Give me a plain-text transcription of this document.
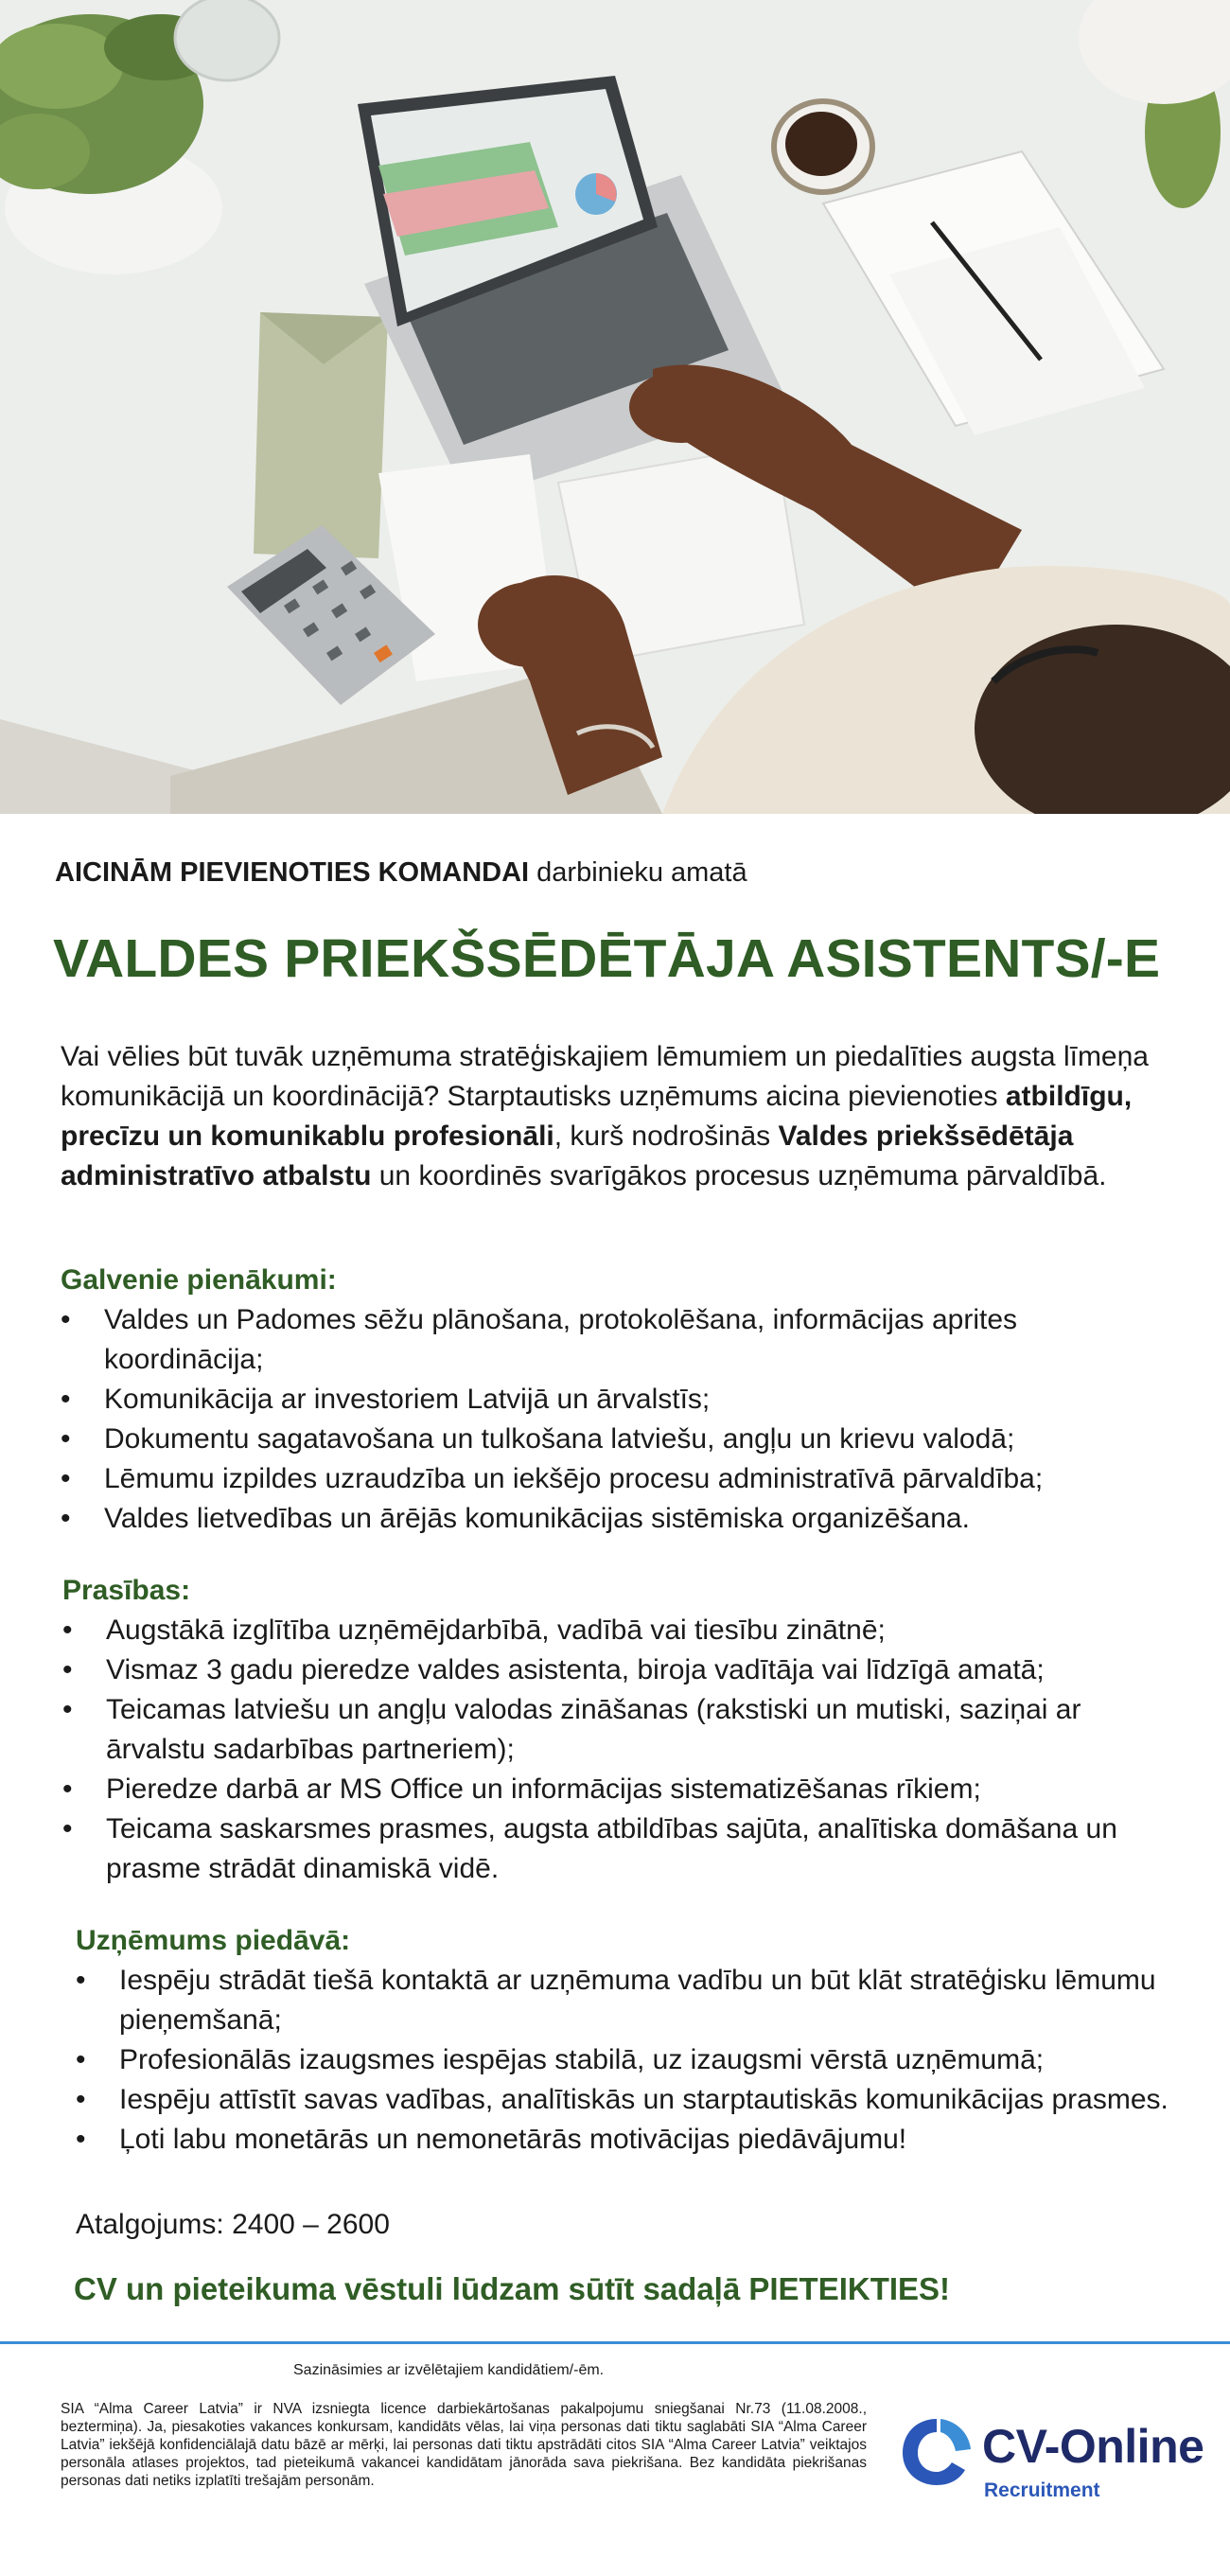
AICINĀM PIEVIENOTIES KOMANDAI darbinieku amatā
VALDES PRIEKŠSĒDĒTĀJA ASISTENTS/-E

Vai vēlies būt tuvāk uzņēmuma stratēģiskajiem lēmumiem un piedalīties augsta līmeņa komunikācijā un koordinācijā? Starptautisks uzņēmums aicina pievienoties atbildīgu, precīzu un komunikablu profesionāli, kurš nodrošinās Valdes priekšsēdētāja administratīvo atbalstu un koordinēs svarīgākos procesus uzņēmuma pārvaldībā.

Galvenie pienākumi:
• Valdes un Padomes sēžu plānošana, protokolēšana, informācijas aprites koordinācija;
• Komunikācija ar investoriem Latvijā un ārvalstīs;
• Dokumentu sagatavošana un tulkošana latviešu, angļu un krievu valodā;
• Lēmumu izpildes uzraudzība un iekšējo procesu administratīvā pārvaldība;
• Valdes lietvedības un ārējās komunikācijas sistēmiska organizēšana.
Prasības:
• Augstākā izglītība uzņēmējdarbībā, vadībā vai tiesību zinātnē;
• Vismaz 3 gadu pieredze valdes asistenta, biroja vadītāja vai līdzīgā amatā;
• Teicamas latviešu un angļu valodas zināšanas (rakstiski un mutiski, saziņai ar ārvalstu sadarbības partneriem);
• Pieredze darbā ar MS Office un informācijas sistematizēšanas rīkiem;
• Teicama saskarsmes prasmes, augsta atbildības sajūta, analītiska domāšana un prasme strādāt dinamiskā vidē.
Uzņēmums piedāvā:
• Iespēju strādāt tiešā kontaktā ar uzņēmuma vadību un būt klāt stratēģisku lēmumu pieņemšanā;
• Profesionālās izaugsmes iespējas stabilā, uz izaugsmi vērstā uzņēmumā;
• Iespēju attīstīt savas vadības, analītiskās un starptautiskās komunikācijas prasmes.
• Ļoti labu monetārās un nemonetārās motivācijas piedāvājumu!
Atalgojums: 2400 – 2600
CV un pieteikuma vēstuli lūdzam sūtīt sadaļā PIETEIKTIES!
Sazināsimies ar izvēlētajiem kandidātiem/-ēm.

SIA “Alma Career Latvia” ir NVA izsniegta licence darbiekārtošanas pakalpojumu sniegšanai Nr.73 (11.08.2008., beztermiņa). Ja, piesakoties vakances konkursam, kandidāts vēlas, lai viņa personas dati tiktu saglabāti SIA “Alma Career Latvia” iekšējā konfidenciālajā datu bāzē ar mērķi, lai personas dati tiktu apstrādāti citos SIA “Alma Career Latvia” veiktajos personāla atlases projektos, tad pieteikumā vakancei kandidātam jānorāda sava piekrišana. Bez kandidāta piekrišanas personas dati netiks izplatīti trešajām personām.

CV-Online
Recruitment
